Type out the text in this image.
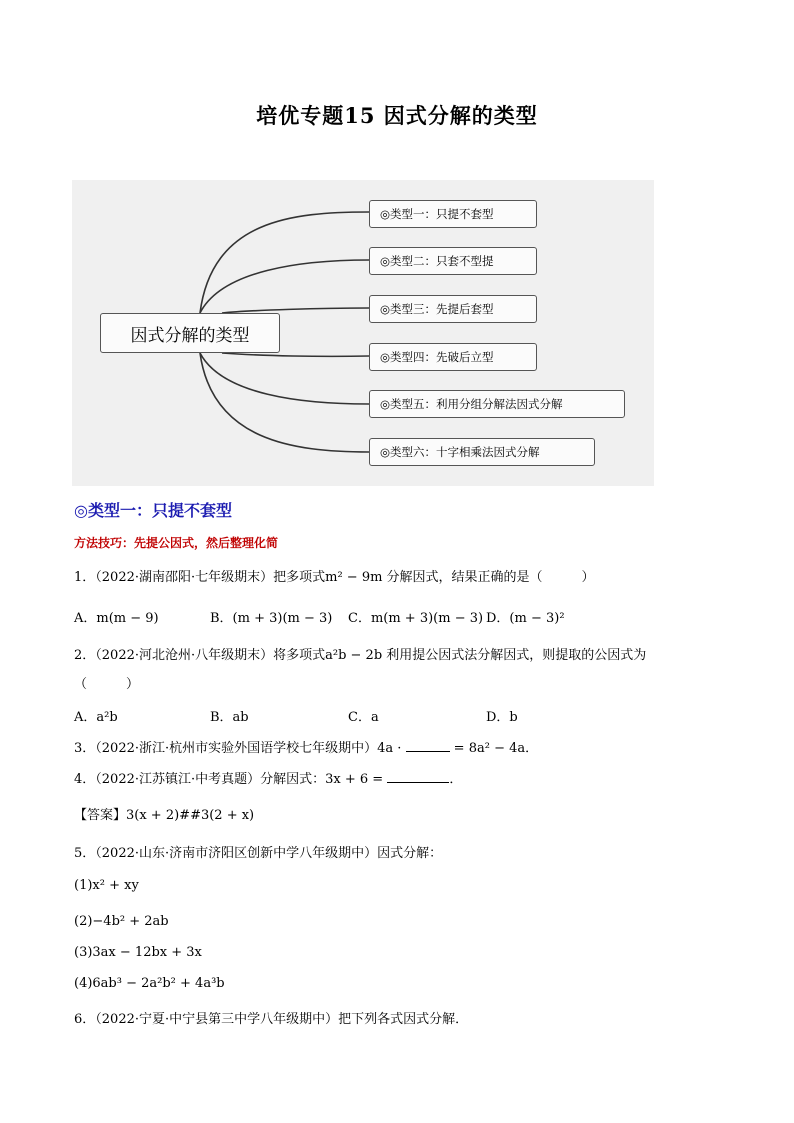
培优专题15 因式分解的类型
因式分解的类型
◎类型一：只提不套型
◎类型二：只套不型提
◎类型三：先提后套型
◎类型四：先破后立型
◎类型五：利用分组分解法因式分解
◎类型六：十字相乘法因式分解
◎类型一：只提不套型
方法技巧：先提公因式，然后整理化简
1．（2022·湖南邵阳·七年级期末）把多项式m² − 9m 分解因式，结果正确的是（　　　）
A．m(m − 9)	B．(m + 3)(m − 3) C．m(m + 3)(m − 3) D．(m − 3)²
2．（2022·河北沧州·八年级期末）将多项式a²b − 2b 利用提公因式法分解因式，则提取的公因式为
（　　　）
A．a²b	B．ab	C．a	D．b
3．（2022·浙江·杭州市实验外国语学校七年级期中）4a ·	= 8a² − 4a．
4．（2022·江苏镇江·中考真题）分解因式：3x + 6 =	．
【答案】3(x + 2)##3(2 + x)
5．（2022·山东·济南市济阳区创新中学八年级期中）因式分解：
(1)x² + xy
(2)−4b² + 2ab
(3)3ax − 12bx + 3x
(4)6ab³ − 2a²b² + 4a³b
6．（2022·宁夏·中宁县第三中学八年级期中）把下列各式因式分解．
